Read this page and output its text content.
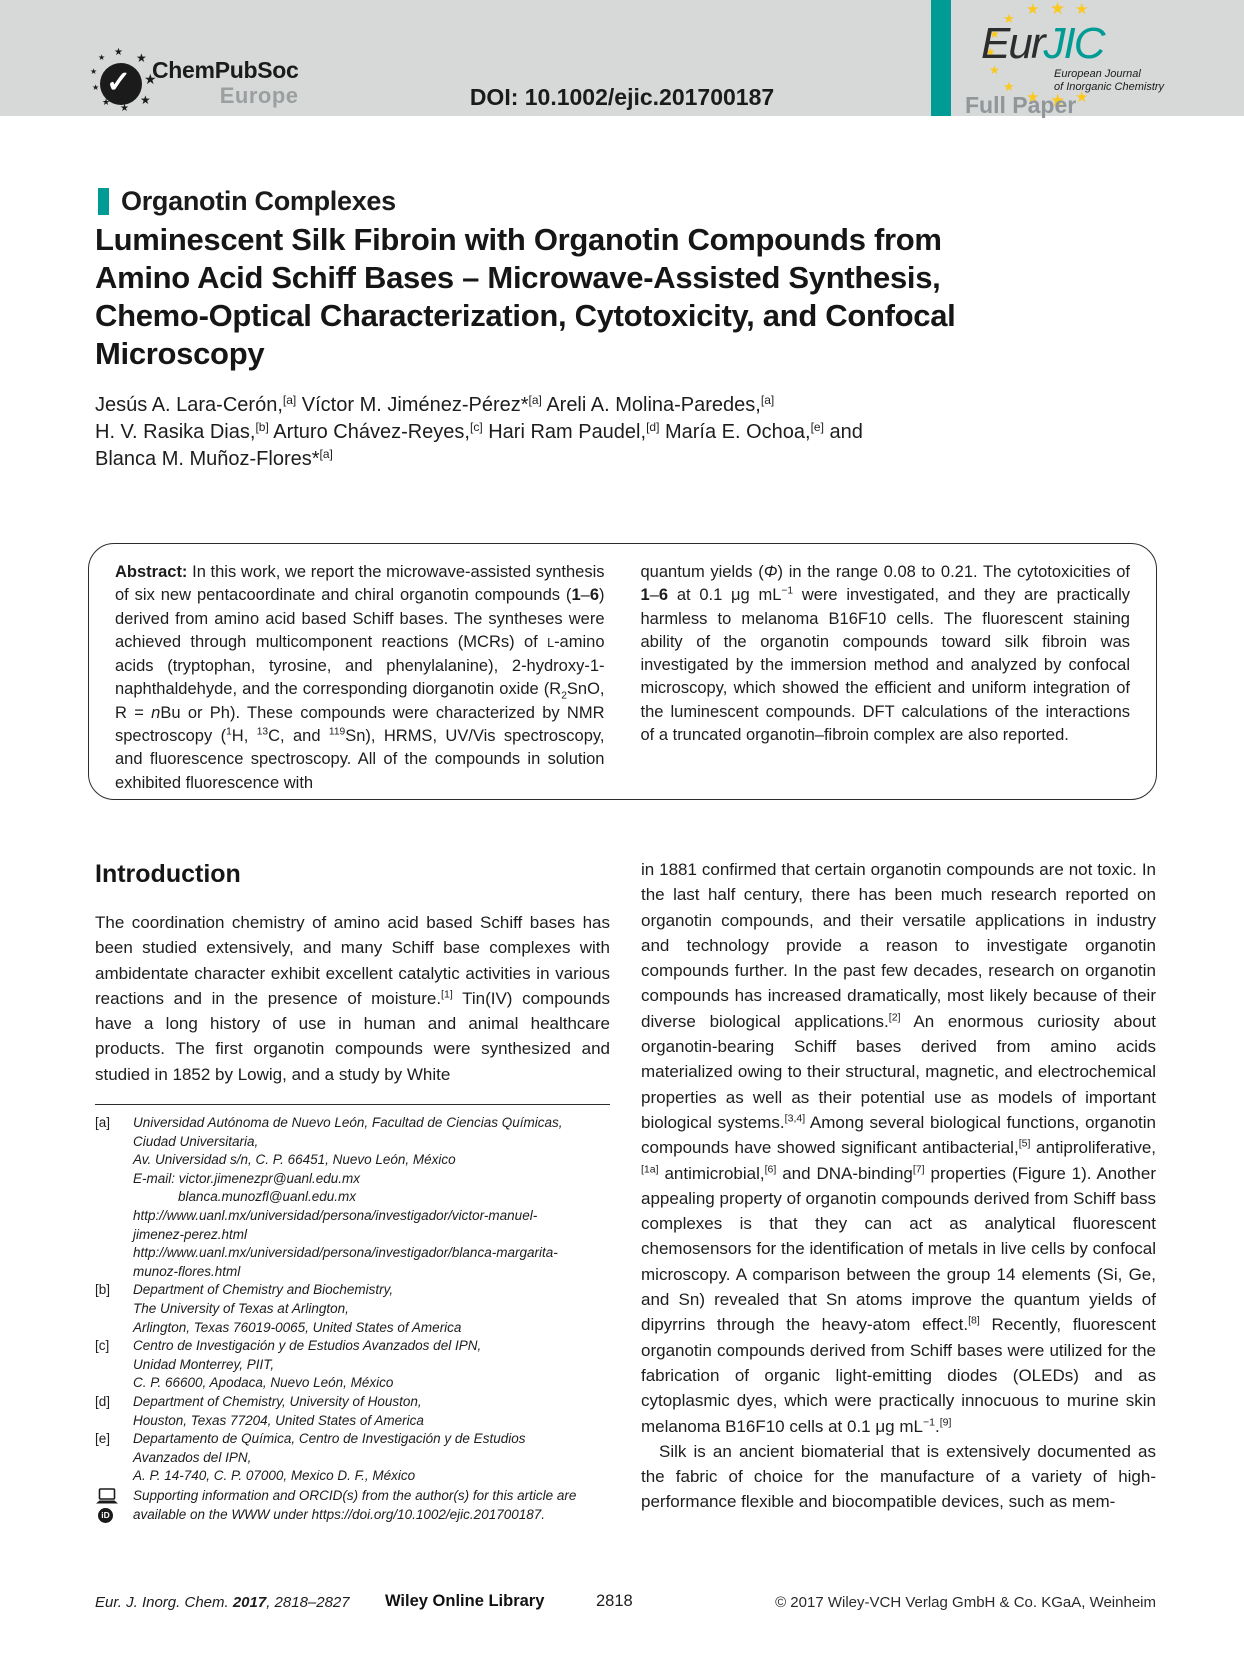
✓
★
★
★
★
★
★
★
★
★
ChemPubSoc
Europe	DOI: 10.1002/ejic.201700187
★
★
★
★
★
★
★
★
★
★
★
EurJIC
European Journal
of Inorganic Chemistry
Full Paper
Organotin Complexes
Luminescent Silk Fibroin with Organotin Compounds from
Amino Acid Schiff Bases – Microwave-Assisted Synthesis,
Chemo-Optical Characterization, Cytotoxicity, and Confocal
Microscopy
Jesús A. Lara-Cerón,[a] Víctor M. Jiménez-Pérez*[a] Areli A. Molina-Paredes,[a]
H. V. Rasika Dias,[b] Arturo Chávez-Reyes,[c] Hari Ram Paudel,[d] María E. Ochoa,[e] and
Blanca M. Muñoz-Flores*[a]
Abstract: In this work, we report the microwave-assisted synthesis of six new pentacoordinate and chiral organotin compounds (1–6) derived from amino acid based Schiff bases. The syntheses were achieved through multicomponent reactions (MCRs) of L-amino acids (tryptophan, tyrosine, and phenylalanine), 2-hydroxy-1-naphthaldehyde, and the corresponding diorganotin oxide ($R_2SnO$, R = nBu or Ph). These compounds were characterized by NMR spectroscopy ($^1$H, $^{13}$C, and $^{119}$Sn), HRMS, UV/Vis spectroscopy, and fluorescence spectroscopy. All of the compounds in solution exhibited fluorescence with
quantum yields (Φ) in the range 0.08 to 0.21. The cytotoxicities of 1–6 at 0.1 μg $mL^{-1}$ were investigated, and they are practically harmless to melanoma B16F10 cells. The fluorescent staining ability of the organotin compounds toward silk fibroin was investigated by the immersion method and analyzed by confocal microscopy, which showed the efficient and uniform integration of the luminescent compounds. DFT calculations of the interactions of a truncated organotin–fibroin complex are also reported.
Introduction

The coordination chemistry of amino acid based Schiff bases has been studied extensively, and many Schiff base complexes with ambidentate character exhibit excellent catalytic activities in various reactions and in the presence of moisture.[1] Tin(IV) compounds have a long history of use in human and animal healthcare products. The first organotin compounds were synthesized and studied in 1852 by Lowig, and a study by White

[a]	Universidad Autónoma de Nuevo León, Facultad de Ciencias Químicas,
Ciudad Universitaria,
Av. Universidad s/n, C. P. 66451, Nuevo León, México
E-mail: victor.jimenezpr@uanl.edu.mx
blanca.munozfl@uanl.edu.mx
http://www.uanl.mx/universidad/persona/investigador/victor-manuel-
jimenez-perez.html
http://www.uanl.mx/universidad/persona/investigador/blanca-margarita-
munoz-flores.html
[b]	Department of Chemistry and Biochemistry,
The University of Texas at Arlington,
Arlington, Texas 76019-0065, United States of America
[c]	Centro de Investigación y de Estudios Avanzados del IPN,
Unidad Monterrey, PIIT,
C. P. 66600, Apodaca, Nuevo León, México
[d]	Department of Chemistry, University of Houston,
Houston, Texas 77204, United States of America
[e]	Departamento de Química, Centro de Investigación y de Estudios
Avanzados del IPN,
A. P. 14-740, C. P. 07000, Mexico D. F., México
iD
Supporting information and ORCID(s) from the author(s) for this article are
available on the WWW under https://doi.org/10.1002/ejic.201700187.

in 1881 confirmed that certain organotin compounds are not toxic. In the last half century, there has been much research reported on organotin compounds, and their versatile applications in industry and technology provide a reason to investigate organotin compounds further. In the past few decades, research on organotin compounds has increased dramatically, most likely because of their diverse biological applications.[2] An enormous curiosity about organotin-bearing Schiff bases derived from amino acids materialized owing to their structural, magnetic, and electrochemical properties as well as their potential use as models of important biological systems.[3,4] Among several biological functions, organotin compounds have showed significant antibacterial,[5] antiproliferative,[1a] antimicrobial,[6] and DNA-binding[7] properties (Figure 1). Another appealing property of organotin compounds derived from Schiff bass complexes is that they can act as analytical fluorescent chemosensors for the identification of metals in live cells by confocal microscopy. A comparison between the group 14 elements (Si, Ge, and Sn) revealed that Sn atoms improve the quantum yields of dipyrrins through the heavy-atom effect.[8] Recently, fluorescent organotin compounds derived from Schiff bases were utilized for the fabrication of organic light-emitting diodes (OLEDs) and as cytoplasmic dyes, which were practically innocuous to murine skin melanoma B16F10 cells at 0.1 μg $mL^{-1}.[9]$

Silk is an ancient biomaterial that is extensively documented as the fabric of choice for the manufacture of a variety of high-performance flexible and biocompatible devices, such as mem-

Eur. J. Inorg. Chem. 2017, 2818–2827 Wiley Online Library	2818	© 2017 Wiley-VCH Verlag GmbH & Co. KGaA, Weinheim
